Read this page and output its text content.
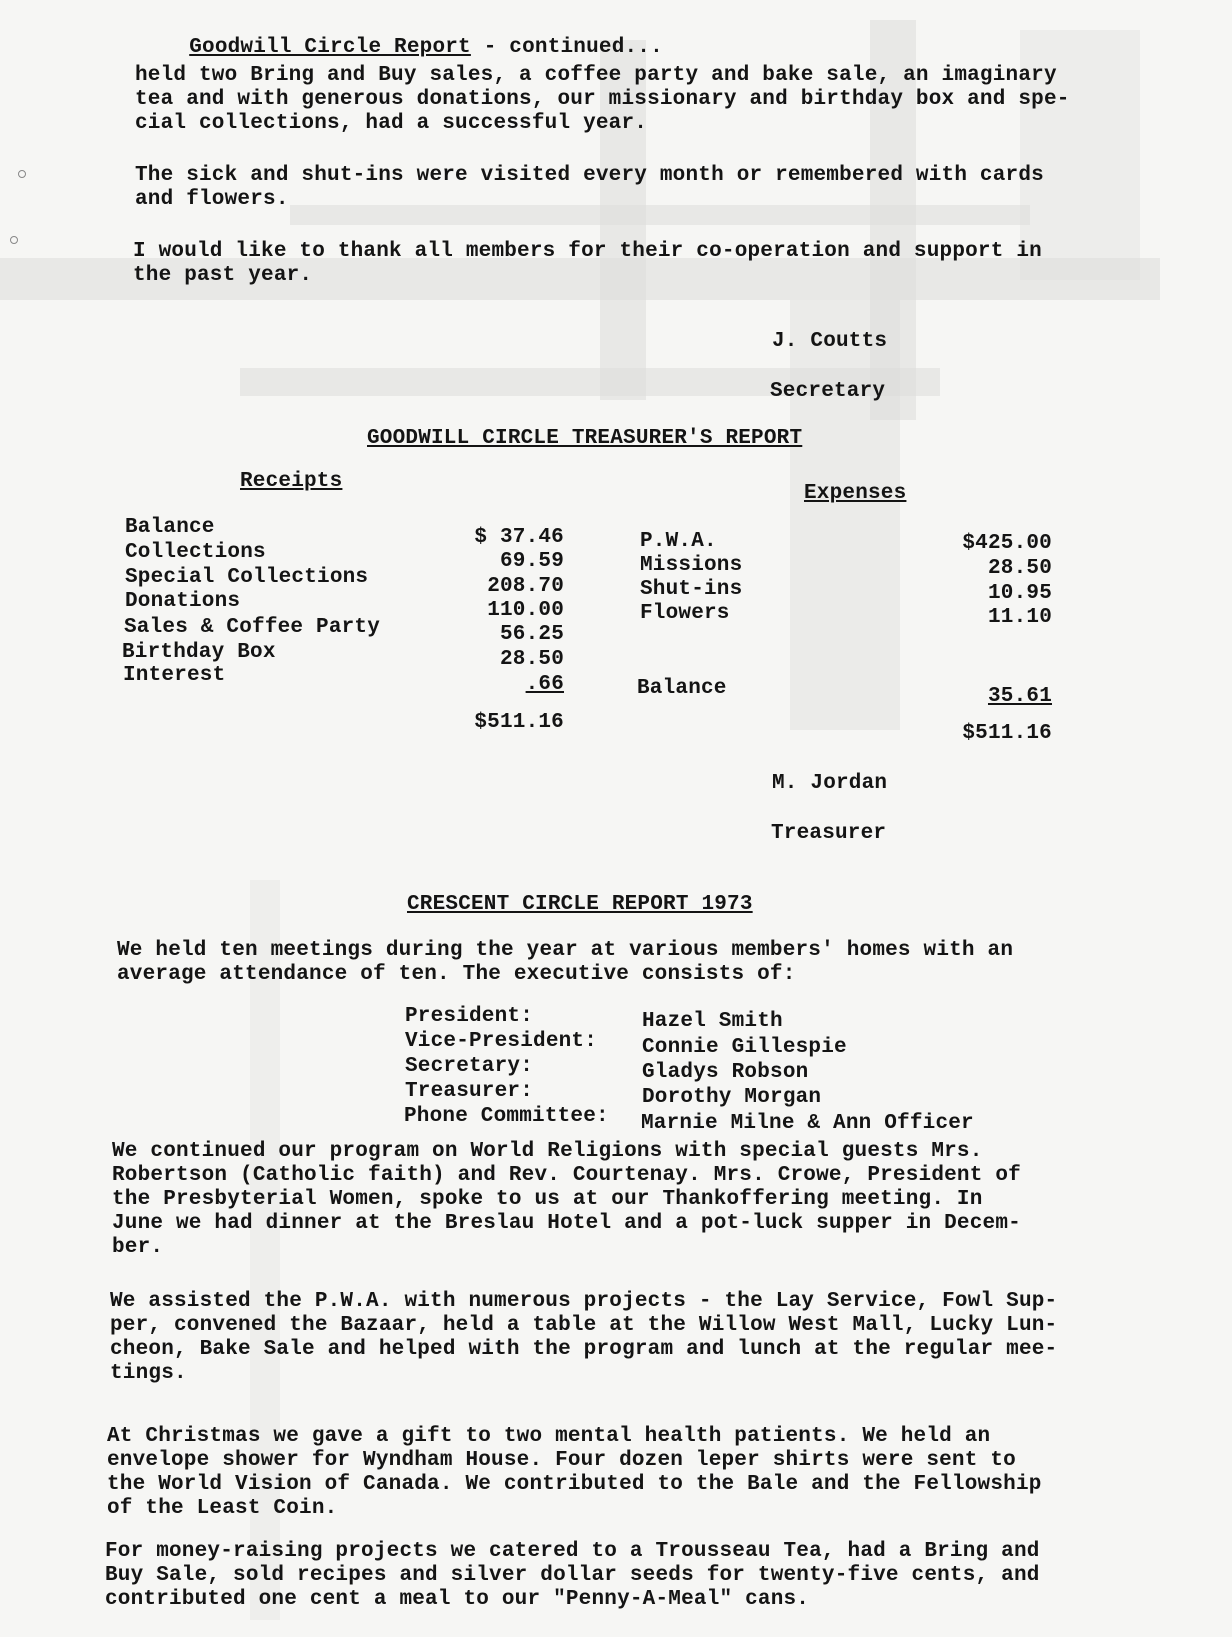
Goodwill Circle Report - continued...

held two Bring and Buy sales, a coffee party and bake sale, an imaginary
tea and with generous donations, our missionary and birthday box and spe-
cial collections, had a successful year.
The sick and shut-ins were visited every month or remembered with cards
and flowers.
I would like to thank all members for their co-operation and support in
the past year.
J. Coutts
Secretary
GOODWILL CIRCLE TREASURER'S REPORT
Receipts
Expenses
Balance	$ 37.46
Collections	69.59
Special Collections	208.70
Donations	110.00
Sales & Coffee Party	56.25
Birthday Box	28.50
Interest	.66
$511.16
P.W.A.	$425.00
Missions	28.50
Shut-ins	10.95
Flowers	11.10
Balance	35.61
$511.16
M. Jordan
Treasurer
CRESCENT CIRCLE REPORT 1973
We held ten meetings during the year at various members' homes with an
average attendance of ten. The executive consists of:
President:	Hazel Smith
Vice-President: Connie Gillespie
Secretary:	Gladys Robson
Treasurer:	Dorothy Morgan
Phone Committee: Marnie Milne & Ann Officer
We continued our program on World Religions with special guests Mrs.
Robertson (Catholic faith) and Rev. Courtenay. Mrs. Crowe, President of
the Presbyterial Women, spoke to us at our Thankoffering meeting. In
June we had dinner at the Breslau Hotel and a pot-luck supper in Decem-
ber.
We assisted the P.W.A. with numerous projects - the Lay Service, Fowl Sup-
per, convened the Bazaar, held a table at the Willow West Mall, Lucky Lun-
cheon, Bake Sale and helped with the program and lunch at the regular mee-
tings.
At Christmas we gave a gift to two mental health patients. We held an
envelope shower for Wyndham House. Four dozen leper shirts were sent to
the World Vision of Canada. We contributed to the Bale and the Fellowship
of the Least Coin.
For money-raising projects we catered to a Trousseau Tea, had a Bring and
Buy Sale, sold recipes and silver dollar seeds for twenty-five cents, and
contributed one cent a meal to our "Penny-A-Meal" cans.
